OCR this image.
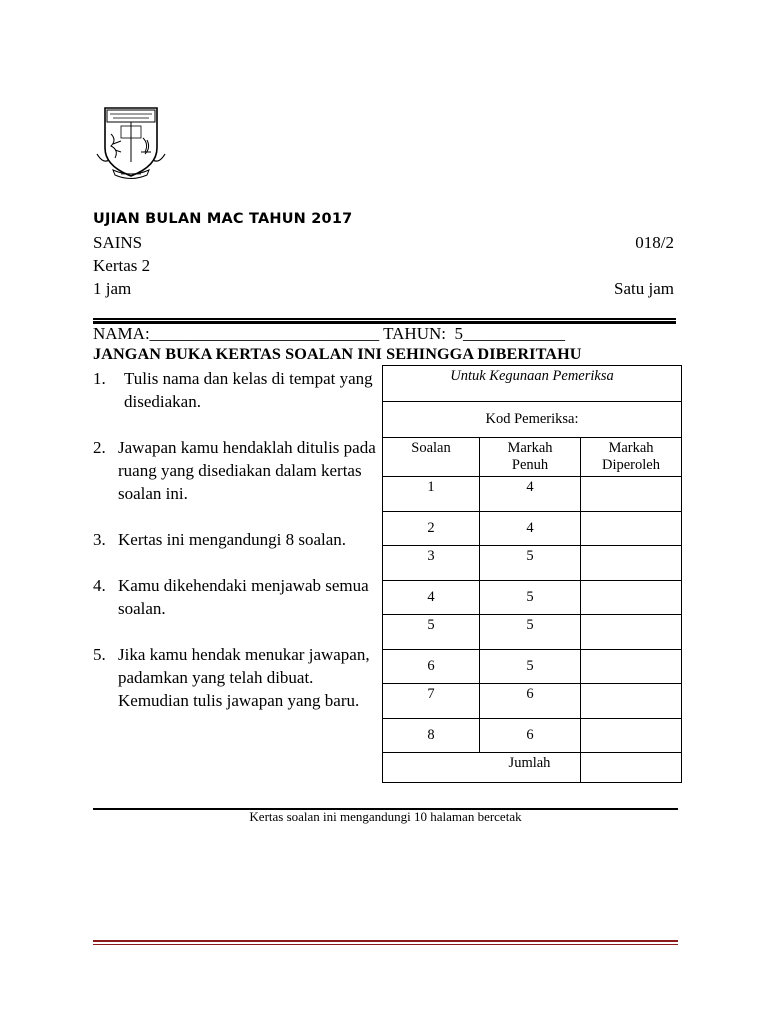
UJIAN BULAN MAC TAHUN 2017
SAINS	018/2
Kertas 2
1 jam	Satu jam
NAMA:___________________________ TAHUN:  5____________
JANGAN BUKA KERTAS SOALAN INI SEHINGGA DIBERITAHU
1.	Tulis nama dan kelas di tempat yang disediakan.
2. Jawapan kamu hendaklah ditulis pada ruang yang disediakan dalam kertas soalan ini.
3. Kertas ini mengandungi 8 soalan.
4. Kamu dikehendaki menjawab semua soalan.
5. Jika kamu hendak menukar jawapan, padamkan yang telah dibuat. Kemudian tulis jawapan yang baru.
Untuk Kegunaan Pemeriksa		
Kod Pemeriksa:		
Soalan	Markah Penuh	Markah Diperoleh
1	4	
2	4	
3	5	
4	5	
5	5	
6	5	
7	6	
8	6	
Jumlah		
Kertas soalan ini mengandungi 10 halaman bercetak
